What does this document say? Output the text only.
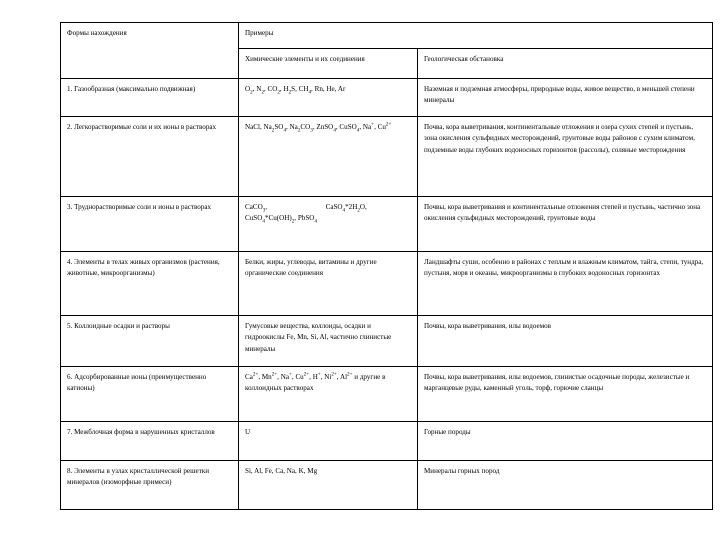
Формы нахождения	Примеры	
	Химические элементы и их соединения	Геологическая обстановка
1. Газообразная (максимально подвижная)	$O_2$, $N_2$, $CO_2$, $H_2S$, $CH_4$, Rn, He, Ar	Наземная и подземная атмосферы, природные воды, живое вещество, в меньшей степени минералы
2. Легкорастворимые соли и их ионы в растворах	NaCl, $Na_2SO_4$, $Na_2CO_3$, ZnSO$_4$, CuSO$_4$, Na+, $Cu^{2+}$	Почва, кора выветривания, континентальные отложения и озера сухих степей и пустынь, зона окисления сульфидных месторождений, грунтовые воды районов с сухим климатом, подземные воды глубоких водоносных горизонтов (рассолы), соляные месторождения
3. Труднорастворимые соли и ионы в растворах	CaCO$_3$,                                 $CaSO_4*2H_2O$, $CuSO_4*Cu(OH)_2$, PbSO$_4$	Почвы, кора выветривания и континентальные отложения степей и пустынь, частично зона окисления сульфидных месторождений, грунтовые воды
4. Элементы в телах живых организмов (растения, животные, микроорганизмы)	Белки, жиры, углеводы, витамины и другие органические соединения	Ландшафты суши, особенно в районах с теплым и влажным климатом, тайга, степи, тундра, пустыня, моря и океаны, микроорганизмы в глубоких водоносных горизонтах
5. Коллоидные осадки и растворы	Гумусовые вещества, коллоиды, осадки и гидроокислы Fe, Mn, Si, Al, частично глинистые минералы	Почвы, кора выветривания, илы водоемов
6. Адсорбированные ионы (преимущественно катионы)	$Ca^{2+}$, $Mn^{2+}$, Na+, $Cu^{2+}$, H+, $Ni^{2+}$, $Al^{2+}$ и другие в коллоидных растворах	Почвы, кора выветривания, илы водоемов, глинистые осадочные породы, железистые и марганцевые руды, каменный уголь, торф, горючие сланцы
7. Межблочная форма в нарушенных кристаллов	U	Горные породы
8. Элементы в узлах кристаллической решетки минералов (изоморфные примеси)	Si, Al, Fe, Ca, Na, K, Mg	Минералы горных пород
